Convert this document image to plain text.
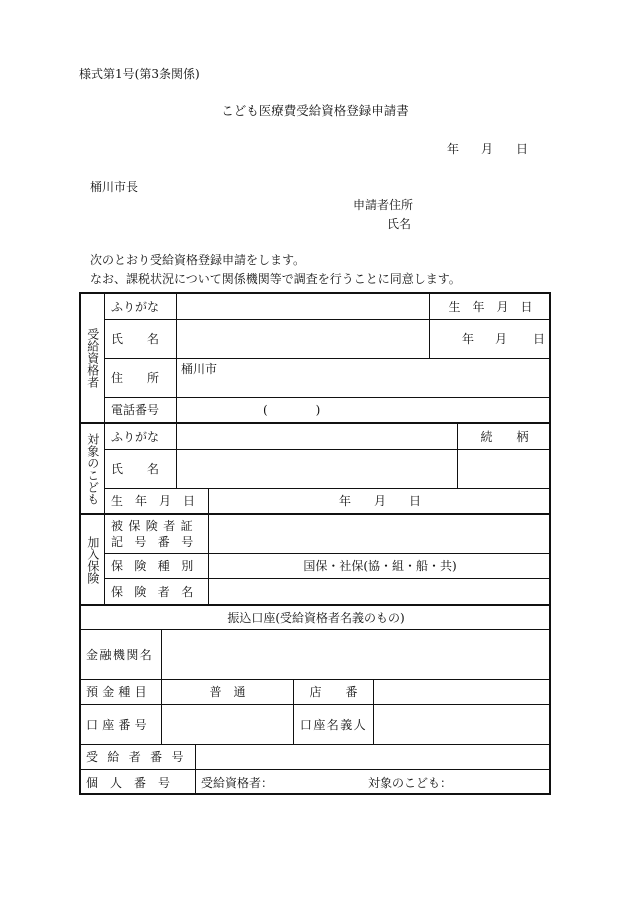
様式第1号(第3条関係)
こども医療費受給資格登録申請書
年 月 日
桶川市長
申請者住所
氏名
次のとおり受給資格登録申請をします。
なお、課税状況について関係機関等で調査を行うことに同意します。
受給資格者
ふりがな	生　年　月　日
氏　　名	年 月 日
住　　所
桶川市
電話番号	(　　　　)
対象のこども ふりがな	続　　柄
氏　　名
生　年　月　日	年 月 日
加入保険
被保険者証
記号番号
保険種別	国保・社保(協・組・船・共)
保険者名
振込口座(受給資格者名義のもの)
金融機関名
預金種目	普　通	店　　番
口座番号	口座名義人
受給者番号
個　人　番　号	受給資格者：	対象のこども：
